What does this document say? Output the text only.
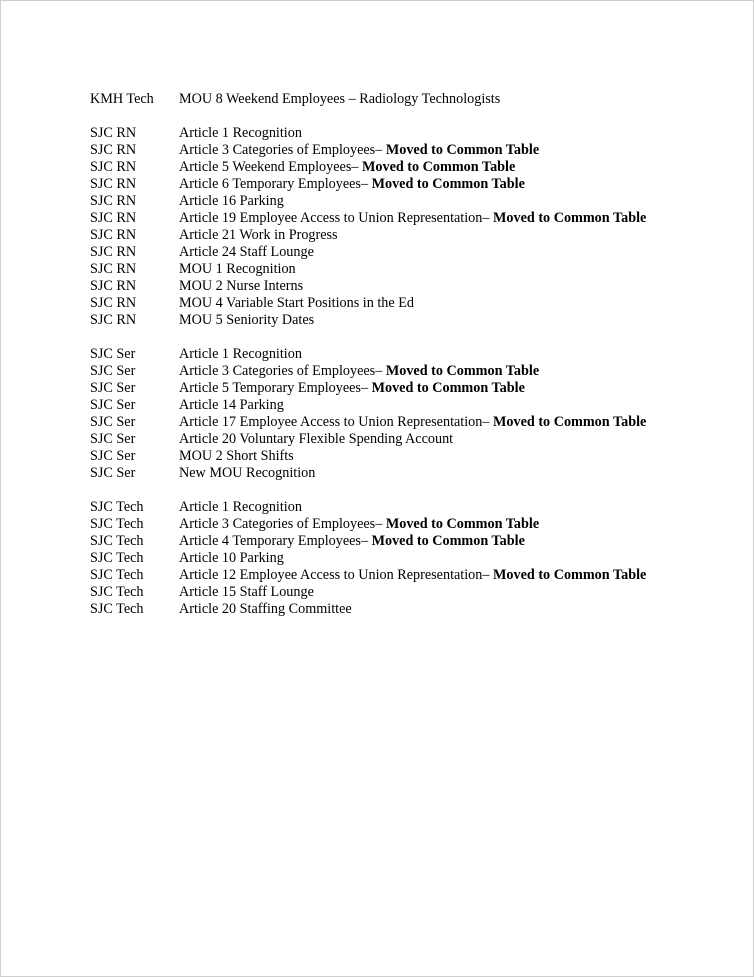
KMH Tech	MOU 8 Weekend Employees – Radiology Technologists
SJC RN	Article 1 Recognition
SJC RN	Article 3 Categories of Employees– Moved to Common Table
SJC RN	Article 5 Weekend Employees– Moved to Common Table
SJC RN	Article 6 Temporary Employees– Moved to Common Table
SJC RN	Article 16 Parking
SJC RN	Article 19 Employee Access to Union Representation– Moved to Common Table
SJC RN	Article 21 Work in Progress
SJC RN	Article 24 Staff Lounge
SJC RN	MOU 1 Recognition
SJC RN	MOU 2 Nurse Interns
SJC RN	MOU 4 Variable Start Positions in the Ed
SJC RN	MOU 5 Seniority Dates
SJC Ser	Article 1 Recognition
SJC Ser	Article 3 Categories of Employees– Moved to Common Table
SJC Ser	Article 5 Temporary Employees– Moved to Common Table
SJC Ser	Article 14 Parking
SJC Ser	Article 17 Employee Access to Union Representation– Moved to Common Table
SJC Ser	Article 20 Voluntary Flexible Spending Account
SJC Ser	MOU 2 Short Shifts
SJC Ser	New MOU Recognition
SJC Tech	Article 1 Recognition
SJC Tech	Article 3 Categories of Employees– Moved to Common Table
SJC Tech	Article 4 Temporary Employees– Moved to Common Table
SJC Tech	Article 10 Parking
SJC Tech	Article 12 Employee Access to Union Representation– Moved to Common Table
SJC Tech	Article 15 Staff Lounge
SJC Tech	Article 20 Staffing Committee
